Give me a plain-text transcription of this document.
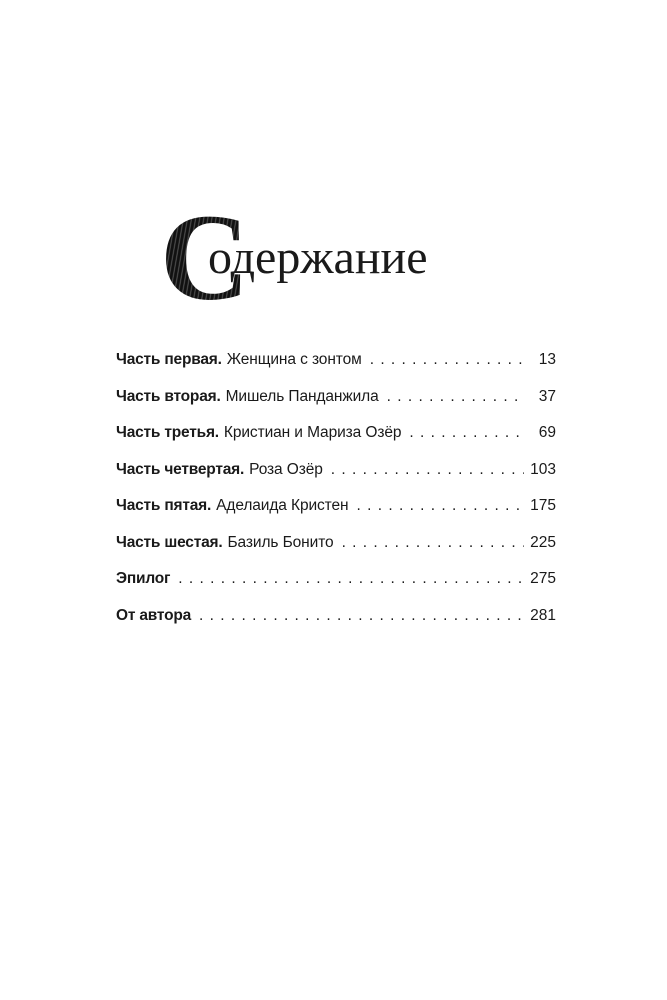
С
одержание
Часть первая. Женщина с зонтом . . .	13
Часть вторая. Мишель Панданжила . . .	37
Часть третья. Кристиан и Мариза Озёр . . .	69
Часть четвертая. Роза Озёр . . .	103
Часть пятая. Аделаида Кристен . . .	175
Часть шестая. Базиль Бонито . . .	225
Эпилог . . .	275
От автора . . .	281
